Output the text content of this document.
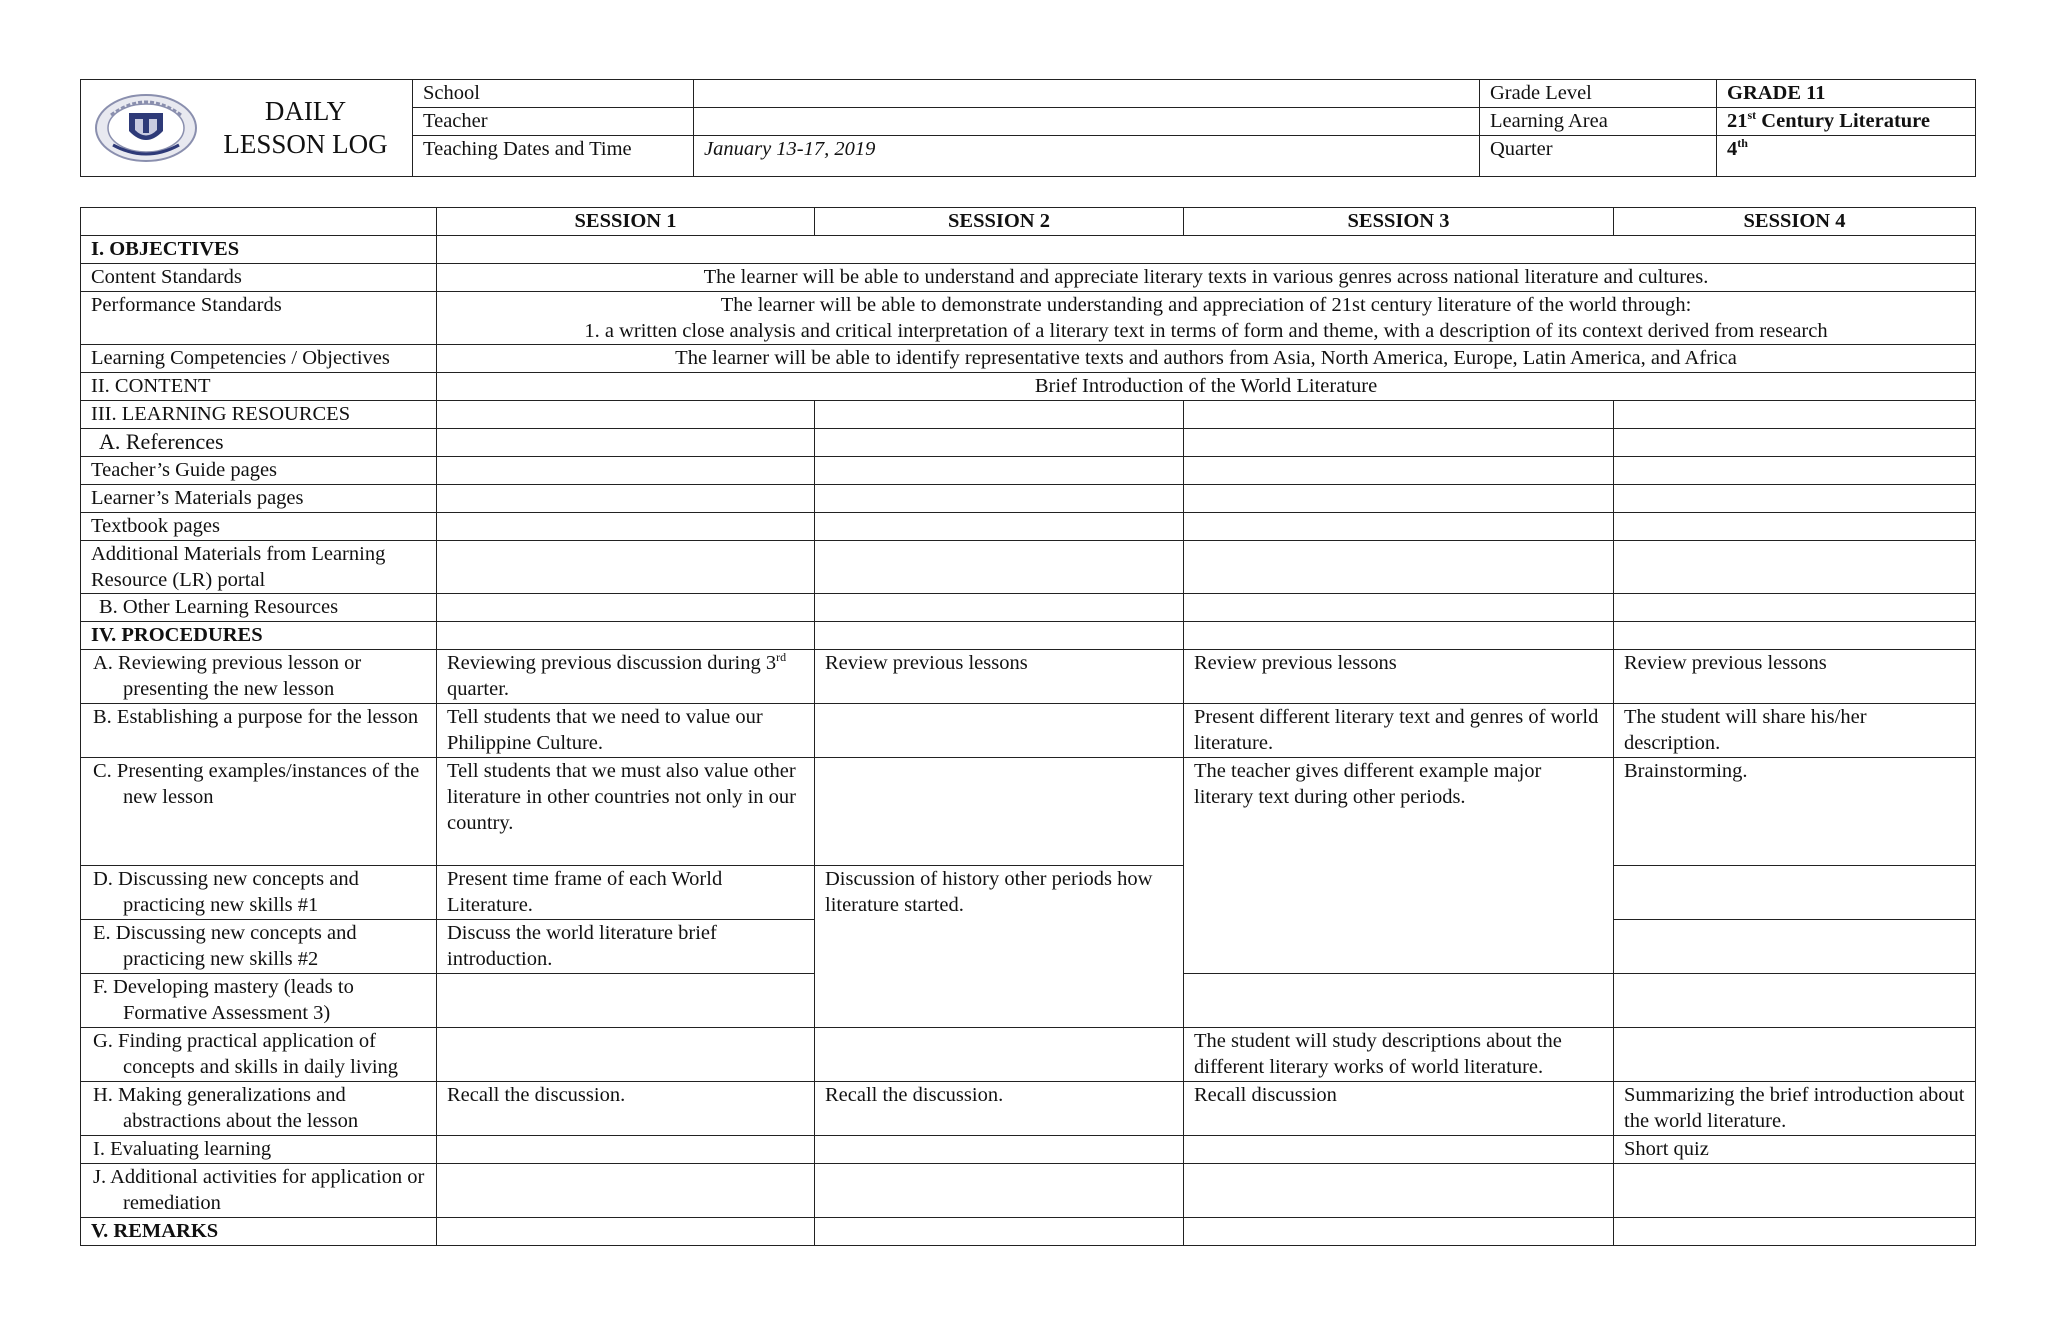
DAILY
LESSON LOG	School		Grade Level	GRADE 11
	Teacher		Learning Area	21st Century Literature
	Teaching Dates and Time	January 13-17, 2019	Quarter	4th
	SESSION 1	SESSION 2	SESSION 3	SESSION 4
I. OBJECTIVES				
Content Standards	The learner will be able to understand and appreciate literary texts in various genres across national literature and cultures.			
Performance Standards	The learner will be able to demonstrate understanding and appreciation of 21st century literature of the world through:
1. a written close analysis and critical interpretation of a literary text in terms of form and theme, with a description of its context derived from research			

Learning Competencies / Objectives	The learner will be able to identify representative texts and authors from Asia, North America, Europe, Latin America, and Africa			
II. CONTENT	Brief Introduction of the World Literature			
III. LEARNING RESOURCES				
A. References				
Teacher’s Guide pages				
Learner’s Materials pages				
Textbook pages				

Additional Materials from Learning
Resource (LR) portal				

B. Other Learning Resources				
IV. PROCEDURES				
A. Reviewing previous lesson or presenting the new lesson	Reviewing previous discussion during 3rd quarter.	Review previous lessons	Review previous lessons	Review previous lessons
B. Establishing a purpose for the lesson	Tell students that we need to value our Philippine Culture.		Present different literary text and genres of world literature.	The student will share his/her description.
C. Presenting examples/instances of the new lesson	Tell students that we must also value other literature in other countries not only in our country.		The teacher gives different example major literary text during other periods.	Brainstorming.
D. Discussing new concepts and practicing new skills #1	Present time frame of each World Literature.	Discussion of history other periods how literature started.		
E. Discussing new concepts and practicing new skills #2	Discuss the world literature brief introduction.			
F. Developing mastery (leads to Formative Assessment 3)				
G. Finding practical application of concepts and skills in daily living			The student will study descriptions about the different literary works of world literature.	
H. Making generalizations and abstractions about the lesson	Recall the discussion.	Recall the discussion.	Recall discussion	Summarizing the brief introduction about the world literature.
I. Evaluating learning				Short quiz
J. Additional activities for application or remediation				
V. REMARKS				
